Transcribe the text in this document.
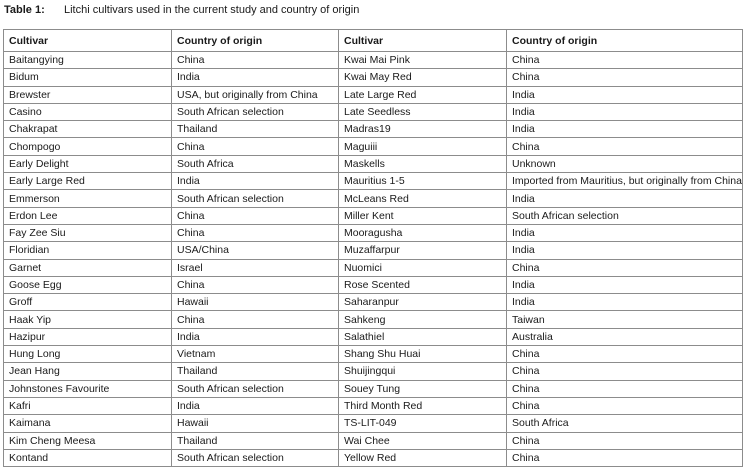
Table 1: Litchi cultivars used in the current study and country of origin
Cultivar	Country of origin	Cultivar	Country of origin
Baitangying	China	Kwai Mai Pink	China
Bidum	India	Kwai May Red	China
Brewster	USA, but originally from China	Late Large Red	India
Casino	South African selection	Late Seedless	India
Chakrapat	Thailand	Madras19	India
Chompogo	China	Maguiii	China
Early Delight	South Africa	Maskells	Unknown
Early Large Red	India	Mauritius 1-5	Imported from Mauritius, but originally from China
Emmerson	South African selection	McLeans Red	India
Erdon Lee	China	Miller Kent	South African selection
Fay Zee Siu	China	Mooragusha	India
Floridian	USA/China	Muzaffarpur	India
Garnet	Israel	Nuomici	China
Goose Egg	China	Rose Scented	India
Groff	Hawaii	Saharanpur	India
Haak Yip	China	Sahkeng	Taiwan
Hazipur	India	Salathiel	Australia
Hung Long	Vietnam	Shang Shu Huai	China
Jean Hang	Thailand	Shuijingqui	China
Johnstones Favourite	South African selection	Souey Tung	China
Kafri	India	Third Month Red	China
Kaimana	Hawaii	TS-LIT-049	South Africa
Kim Cheng Meesa	Thailand	Wai Chee	China
Kontand	South African selection	Yellow Red	China
